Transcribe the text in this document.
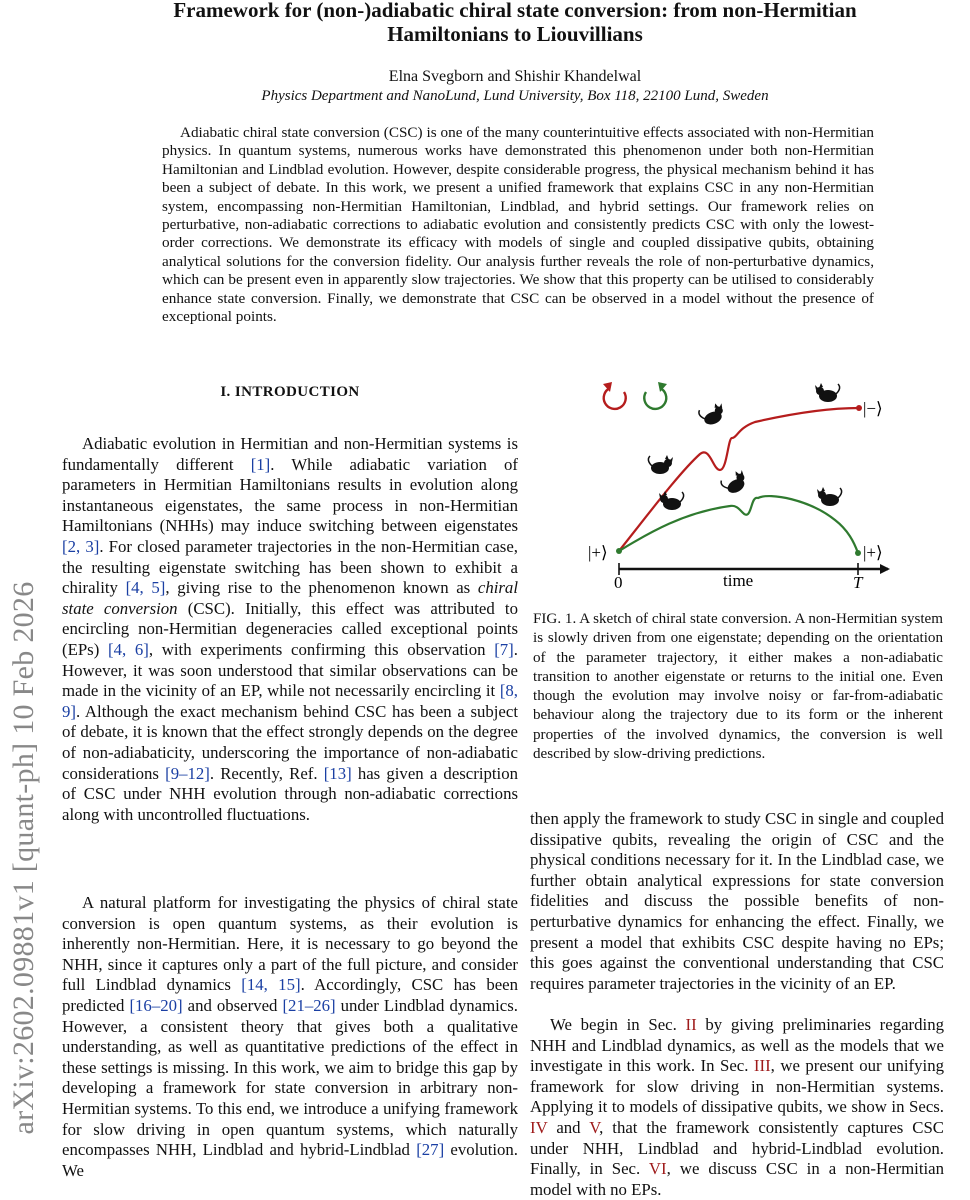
arXiv:2602.09881v1 [quant-ph] 10 Feb 2026
Framework for (non-)adiabatic chiral state conversion: from non-Hermitian
Hamiltonians to Liouvillians
Elna Svegborn and Shishir Khandelwal
Physics Department and NanoLund, Lund University, Box 118, 22100 Lund, Sweden

Adiabatic chiral state conversion (CSC) is one of the many counterintuitive effects associated with non-Hermitian physics. In quantum systems, numerous works have demonstrated this phenomenon under both non-Hermitian Hamiltonian and Lindblad evolution. However, despite considerable progress, the physical mechanism behind it has been a subject of debate. In this work, we present a unified framework that explains CSC in any non-Hermitian system, encompassing non-Hermitian Hamiltonian, Lindblad, and hybrid settings. Our framework relies on perturbative, non-adiabatic corrections to adiabatic evolution and consistently predicts CSC with only the lowest-order corrections. We demonstrate its efficacy with models of single and coupled dissipative qubits, obtaining analytical solutions for the conversion fidelity. Our analysis further reveals the role of non-perturbative dynamics, which can be present even in apparently slow trajectories. We show that this property can be utilised to considerably enhance state conversion. Finally, we demonstrate that CSC can be observed in a model without the presence of exceptional points.

I. INTRODUCTION

Adiabatic evolution in Hermitian and non-Hermitian systems is fundamentally different [1]. While adiabatic variation of parameters in Hermitian Hamiltonians results in evolution along instantaneous eigenstates, the same process in non-Hermitian Hamiltonians (NHHs) may induce switching between eigenstates [2, 3]. For closed parameter trajectories in the non-Hermitian case, the resulting eigenstate switching has been shown to exhibit a chirality [4, 5], giving rise to the phenomenon known as chiral state conversion (CSC). Initially, this effect was attributed to encircling non-Hermitian degeneracies called exceptional points (EPs) [4, 6], with experiments confirming this observation [7]. However, it was soon understood that similar observations can be made in the vicinity of an EP, while not necessarily encircling it [8, 9]. Although the exact mechanism behind CSC has been a subject of debate, it is known that the effect strongly depends on the degree of non-adiabaticity, underscoring the importance of non-adiabatic considerations [9–12]. Recently, Ref. [13] has given a description of CSC under NHH evolution through non-adiabatic corrections along with uncontrolled fluctuations.

A natural platform for investigating the physics of chiral state conversion is open quantum systems, as their evolution is inherently non-Hermitian. Here, it is necessary to go beyond the NHH, since it captures only a part of the full picture, and consider full Lindblad dynamics [14, 15]. Accordingly, CSC has been predicted [16–20] and observed [21–26] under Lindblad dynamics. However, a consistent theory that gives both a qualitative understanding, as well as quantitative predictions of the effect in these settings is missing. In this work, we aim to bridge this gap by developing a framework for state conversion in arbitrary non-Hermitian systems. To this end, we introduce a unifying framework for slow driving in open quantum systems, which naturally encompasses NHH, Lindblad and hybrid-Lindblad [27] evolution. We

|+⟩
|−⟩
|+⟩
0	time	T

FIG. 1. A sketch of chiral state conversion. A non-Hermitian system is slowly driven from one eigenstate; depending on the orientation of the parameter trajectory, it either makes a non-adiabatic transition to another eigenstate or returns to the initial one. Even though the evolution may involve noisy or far-from-adiabatic behaviour along the trajectory due to its form or the inherent properties of the involved dynamics, the conversion is well described by slow-driving predictions.

then apply the framework to study CSC in single and coupled dissipative qubits, revealing the origin of CSC and the physical conditions necessary for it. In the Lindblad case, we further obtain analytical expressions for state conversion fidelities and discuss the possible benefits of non-perturbative dynamics for enhancing the effect. Finally, we present a model that exhibits CSC despite having no EPs; this goes against the conventional understanding that CSC requires parameter trajectories in the vicinity of an EP.

We begin in Sec. II by giving preliminaries regarding NHH and Lindblad dynamics, as well as the models that we investigate in this work. In Sec. III, we present our unifying framework for slow driving in non-Hermitian systems. Applying it to models of dissipative qubits, we show in Secs. IV and V, that the framework consistently captures CSC under NHH, Lindblad and hybrid-Lindblad evolution. Finally, in Sec. VI, we discuss CSC in a non-Hermitian model with no EPs.
